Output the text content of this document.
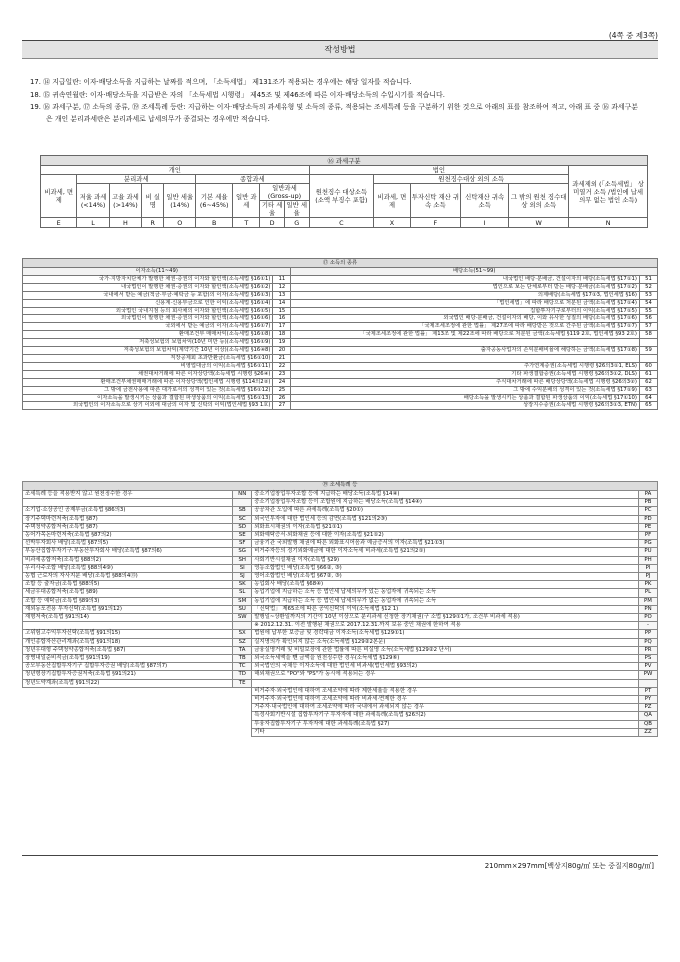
(4쪽 중 제3쪽)
작성방법

17. ⑭ 지급일란: 이자·배당소득을 지급하는 날짜를 적으며, 「소득세법」 제131조가 적용되는 경우에는 해당 일자를 적습니다.

18. ⑮ 귀속연월란: 이자·배당소득을 지급받은 자의 「소득세법 시행령」 제45조 및 제46조에 따른 이자·배당소득의 수입시기를 적습니다.

19. ⑯ 과세구분, ⑰ 소득의 종류, ⑲ 조세특례 등란: 지급하는 이자·배당소득의 과세유형 및 소득의 종류, 적용되는 조세특례 등을 구분하기 위한 것으로 아래의 표를 참조하여 적고, 아래 표 중 ⑯ 과세구분은 개인 분리과세란은 분리과세로 납세의무가 종결되는 경우에만 적습니다.

⑯ 과세구분														
개인									법인					과세제외 (「소득세법」 상 미열거 소득 /법인에 납세의무 없는 법인 소득)
비과세, 면제	분리과세				종합과세				원천징수 대상소득 (소액 부징수 포함)	원천징수대상 외의 소득				
	저율 과세 (<14%)	고율 과세 (>14%)	비 실명	일반 세율 (14%)	기본 세율 (6~45%)	일반 과세	일반과세 (Gross-up)			비과세, 면제	투자신탁 재산 귀속 소득	신탁재산 귀속소득	그 밖의 원천 징수대상 외의 소득	
							기타 세율	일반 세율						
E	L	H	R	O	B	T	D	G	C	X	F	I	W	N
⑰ 소득의 종류			
이자소득(11~49)		배당소득(51~99)	
국가·지방자치단체가 발행한 채권·증권의 이자와 할인액(소득세법 §16①1)	11	내국법인 배당·분배금, 건설이자의 배당(소득세법 §17①1)	51
내국법인이 발행한 채권·증권의 이자와 할인액(소득세법 §16①2)	12	법인으로 보는 단체로부터 받는 배당·분배금(소득세법 §17①2)	52
국내에서 받는 예금(적금·부금·예탁금 등 포함)의 이자(소득세법 §16①3)	13	의제배당(소득세법 §17①3, 법인세법 §16)	53
신용계·신용부금으로 인한 이익(소득세법 §16①4)	14	「법인세법」에 따라 배당으로 처분된 금액(소득세법 §17①4)	54
외국법인 국내지점 등의 회사채의 이자와 할인액(소득세법 §16①5)	15	집합투자기구로부터의 이익(소득세법 §17①5)	55
외국법인이 발행한 채권·증권의 이자와 할인액(소득세법 §16①6)	16	외국법인 배당·분배금, 건설이자의 배당, 이와 유사한 성질의 배당(소득세법 §17①6)	56
국외에서 받는 예금의 이자(소득세법 §16①7)	17	「국제조세조정에 관한 법률」 제27조에 따라 배당받은 것으로 간주된 금액(소득세법 §17①7)	57
환매조건부 매매차익(소득세법 §16①8)	18	「국제조세조정에 관한 법률」 제13조 및 제22조에 따라 배당으로 처분된 금액(소득세법 §119 2호, 법인세법 §93 2호)	58
저축성보험의 보험차익(10년 미만 등)(소득세법 §16①9)	19		
저축성보험의 보험차익(계약기간 10년 이상)(소득세법 §16④8)	20	출자공동사업자의 손익분배비율에 해당하는 금액(소득세법 §17①8)	59
직장공제회 초과반환금(소득세법 §16①10)	21		
비영업대금의 이익(소득세법 §16①11)	22	주가연계증권(소득세법 시행령 §26의3①1, ELS)	60
채권대차거래에 따른 이자상당액(소득세법 시행령 §26④)	23	기타 파생결합증권(소득세법 시행령 §26의3①2, DLS)	61
환매조건부채권매매거래에 따른 이자상당액(법인세법 시행령 §114의2②)	24	주식대차거래에 따른 배당상당액(소득세법 시행령 §26의3②)	62
그 밖에 금전사용에 따른 대가로서의 성격이 있는 것(소득세법 §16①12)	25	그 밖에 수익분배의 성격이 있는 것(소득세법 §17①9)	63
이자소득을 발생시키는 상품과 결합된 파생상품의 이익(소득세법 §16①13)	26	배당소득을 발생시키는 상품과 결합된 파생상품의 이익(소득세법 §17①10)	64
외국법인의 이자소득으로 상기 이외에 대금의 이자 및 신탁의 이익(법인세법 §93 1호)	27	상장지수증권(소득세법 시행령 §26의3①3, ETN)	65
⑲ 조세특례 등			
조세특례 등을 적용받지 않고 원천징수한 경우	NN	중소기업창업투자조합 등에 지급하는 배당소득(조특법 §14④)	PA
		중소기업창업투자조합 등이 조합원에 지급하는 배당소득(조특법 §14④)	PB
소기업·소상공인 공제부금(조특법 §86의3)	SB	공공차관 도입에 따른 과세특례(조특법 §20①)	PC
장기주택마련저축(조특법 §87)	SC	외국인투자에 대한 법인세 등의 감면(조특법 §121의2③)	PD
주택청약종합저축(조특법 §87)	SD	외화표시채권의 이자(조특법 §21①1)	PE
농어가목돈마련저축(조특법 §87의2)	SE	외화예탁증서·외화채권 등에 대한 이자(조특법 §21①2)	PF
선박투자회사 배당(조특법 §87의5)	SF	금융기관 국외발행 채권에 따른 외화표시어음과 예금증서의 이자(조특법 §21①3)	PG
부동산집합투자기구·부동산투자회사 배당(조특법 §87의6)	SG	비거주자등의 정기외화예금에 대한 이자소득세 비과세(조특법 §21의2①)	PU
비과세종합저축(조특법 §88의2)	SH	사회기반시설채권 이자(조특법 §29)	PH
우리사주조합 배당(조특법 §88의4⑨)	SI	영농조합법인 배당(조특법 §66②, ③)	PI
농협 근로자의 자사지분 배당(조특법 §88의4⑬)	SJ	영어조합법인 배당(조특법 §67②, ③)	PJ
조합 등 출자금(조특법 §88의5)	SK	농업회사 배당(조특법 §68④)	PK
세금우대종합저축(조특법 §89)	SL	동업기업에 지급하는 소득 등 법인세 납세의무가 있는 동업자에 귀속되는 소득	PL
조합 등 예탁금(조특법 §89의3)	SM	동업기업에 지급하는 소득 등 법인세 납세의무가 없는 동업자에 귀속되는 소득	PM
재외동포전용 투자신탁(조특법 §91의12)	SU	「신탁법」 제65조에 따른 공익신탁의 이익(소득세법 §12 1)	PN
재형저축(조특법 §91의14)	SW	발행일~상환일까지의 기간이 10년 이상으로 분리과세 신청한 장기채권(구 소법 §129①1가, 조건부 비과세 적용)	PO
		※ 2012.12.31. 이전 발행된 채권으로 2017.12.31.까지 보유 중인 채권에 한하여 적용	-
고위험고수익투자신탁(조특법 §91의15)	SX	법원에 납부한 보증금 및 경락대금 이자소득(소득세법 §129①1)	PP
개인종합자산관리계좌(조특법 §91의18)	SZ	실지명의가 확인되지 않는 소득(소득세법 §129②2본문)	PQ
청년우대형 주택청약종합저축(조특법 §87)	TA	금융실명거래 및 비밀보장에 관한 법률에 따른 비실명 소득(소득세법 §129②2 단서)	PR
장병내일준비적금(조특법 §91의19)	TB	외국소득세액을 뺀 금액을 원천징수한 경우(소득세법 §129⑥)	PS
공모부동산집합투자기구 집합투자증권 배당(조특법 §87의7)	TC	외국법인의 국채등 이자소득에 대한 법인세 비과세(법인세법 §93의2)	PV
청년형장기집합투자증권저축(조특법 §91의21)	TD	해외채권으로 "PO"와 "PS"가 동시에 적용되는 경우	PW
청년도약계좌(조특법 §91의22)	TE		
		비거주자·외국법인에 대하여 조세조약에 따라 제한세율을 적용한 경우	PT
		비거주자·외국법인에 대하여 조세조약에 따라 비과세·면제한 경우	PY
		거주자·내국법인에 대하여 조세조약에 따라 국내에서 과세되지 않는 경우	PZ
		특정사회기반시설 집합투자기구 투자자에 대한 과세특례(조특법 §26의2)	QA
		투융자집합투자기구 투자자에 대한 과세특례(조특법 §27)	QB
		기타	ZZ
210mm×297mm[백상지80g/㎡ 또는 중질지80g/㎡]
